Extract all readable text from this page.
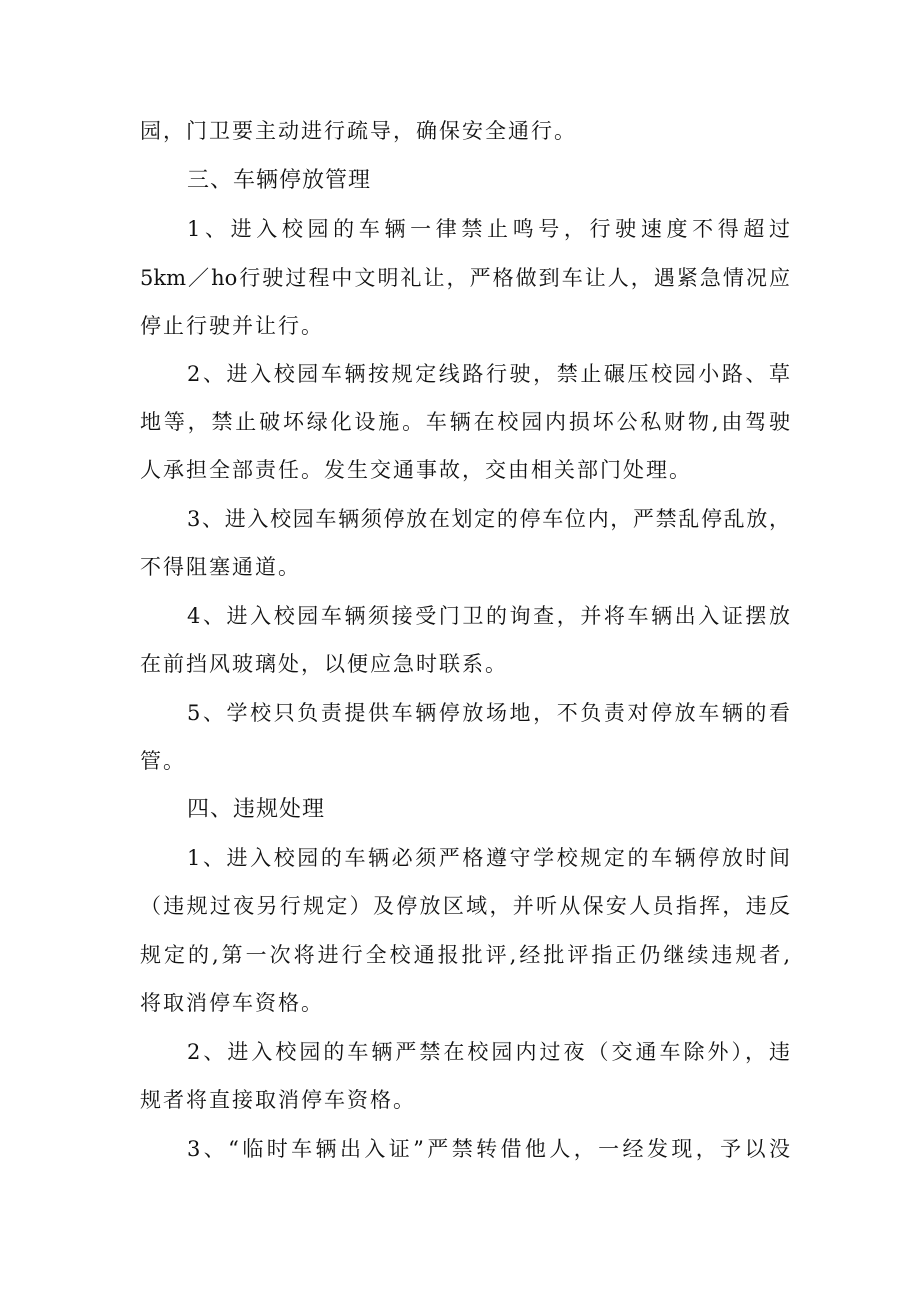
园，门卫要主动进行疏导，确保安全通行。
三、车辆停放管理
1、进入校园的车辆一律禁止鸣号，行驶速度不得超过
5km／ho行驶过程中文明礼让，严格做到车让人，遇紧急情况应
停止行驶并让行。
2、进入校园车辆按规定线路行驶，禁止碾压校园小路、草
地等，禁止破坏绿化设施。车辆在校园内损坏公私财物,由驾驶
人承担全部责任。发生交通事故，交由相关部门处理。
3、进入校园车辆须停放在划定的停车位内，严禁乱停乱放，
不得阻塞通道。
4、进入校园车辆须接受门卫的询查，并将车辆出入证摆放
在前挡风玻璃处，以便应急时联系。
5、学校只负责提供车辆停放场地，不负责对停放车辆的看
管。
四、违规处理
1、进入校园的车辆必须严格遵守学校规定的车辆停放时间
（违规过夜另行规定）及停放区域，并听从保安人员指挥，违反
规定的,第一次将进行全校通报批评,经批评指正仍继续违规者,
将取消停车资格。
2、进入校园的车辆严禁在校园内过夜（交通车除外），违
规者将直接取消停车资格。
3、“临时车辆出入证”严禁转借他人，一经发现，予以没
